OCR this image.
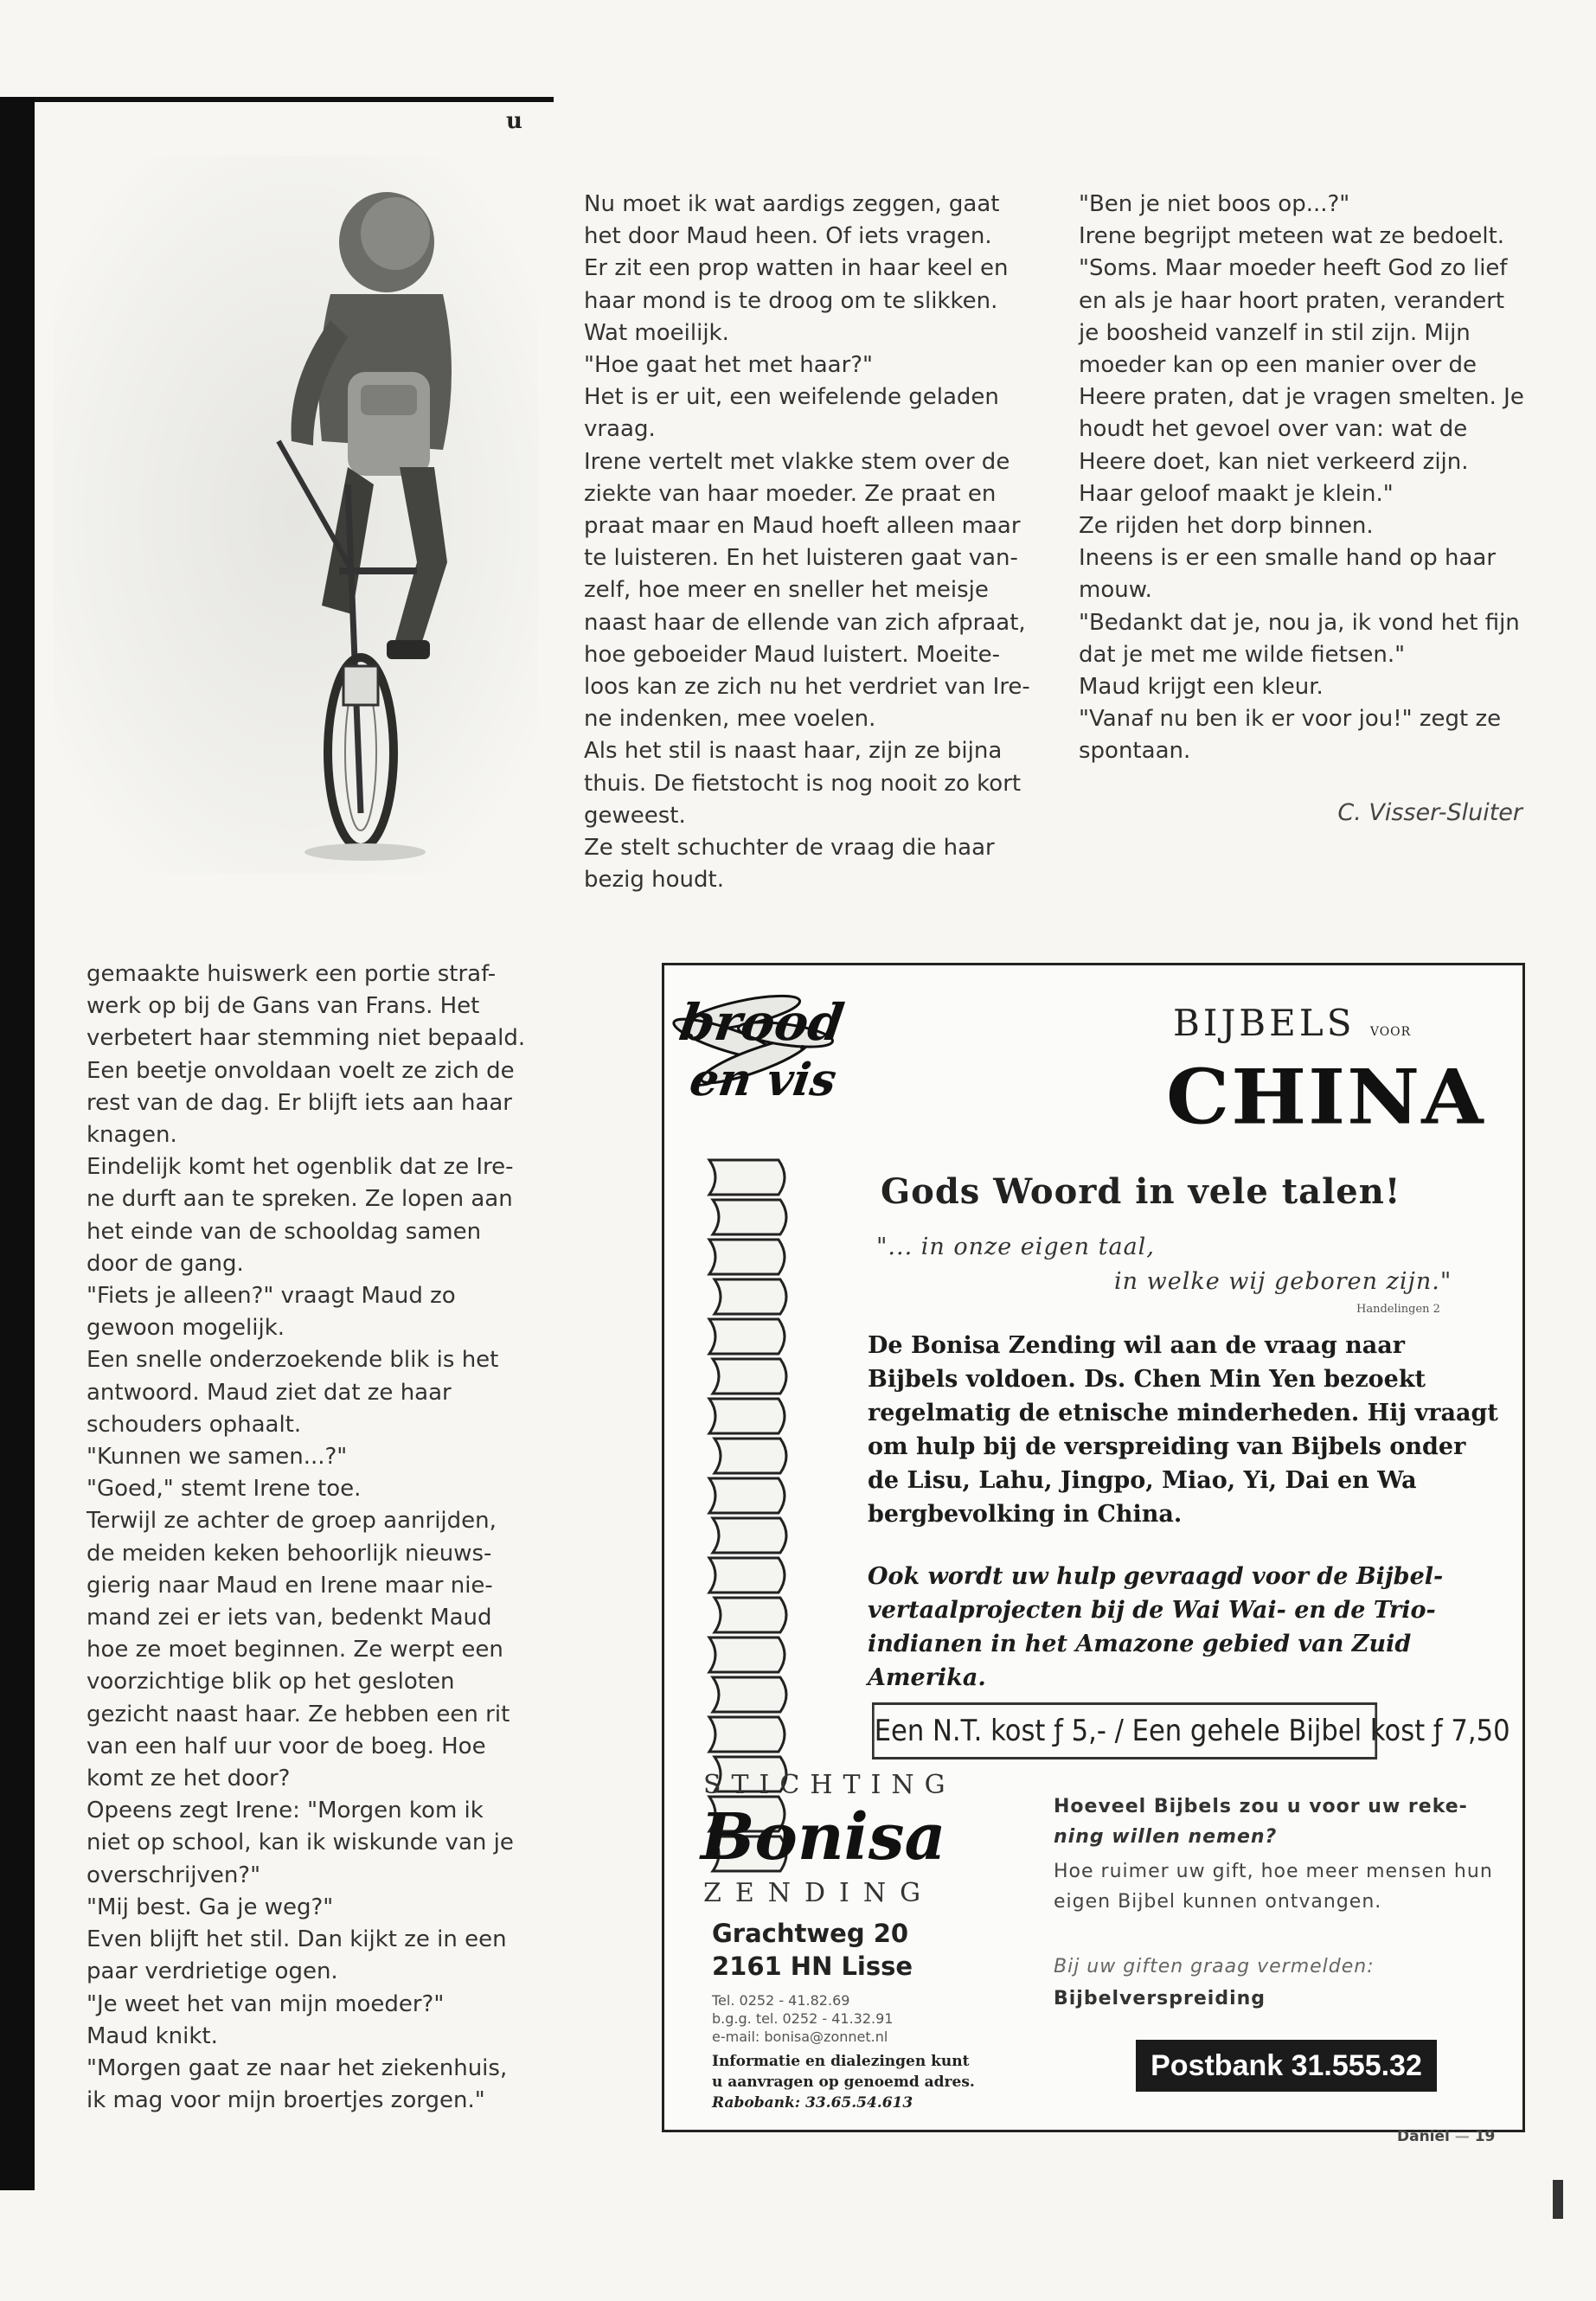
u

Nu moet ik wat aardigs zeggen, gaat

het door Maud heen. Of iets vragen.

Er zit een prop watten in haar keel en

haar mond is te droog om te slikken.

Wat moeilijk.

"Hoe gaat het met haar?"

Het is er uit, een weifelende geladen

vraag.

Irene vertelt met vlakke stem over de

ziekte van haar moeder. Ze praat en

praat maar en Maud hoeft alleen maar

te luisteren. En het luisteren gaat van-

zelf, hoe meer en sneller het meisje

naast haar de ellende van zich afpraat,

hoe geboeider Maud luistert. Moeite-

loos kan ze zich nu het verdriet van Ire-

ne indenken, mee voelen.

Als het stil is naast haar, zijn ze bijna

thuis. De fietstocht is nog nooit zo kort

geweest.

Ze stelt schuchter de vraag die haar

bezig houdt.

"Ben je niet boos op...?"

Irene begrijpt meteen wat ze bedoelt.

"Soms. Maar moeder heeft God zo lief

en als je haar hoort praten, verandert

je boosheid vanzelf in stil zijn. Mijn

moeder kan op een manier over de

Heere praten, dat je vragen smelten. Je

houdt het gevoel over van: wat de

Heere doet, kan niet verkeerd zijn.

Haar geloof maakt je klein."

Ze rijden het dorp binnen.

Ineens is er een smalle hand op haar

mouw.

"Bedankt dat je, nou ja, ik vond het fijn

dat je met me wilde fietsen."

Maud krijgt een kleur.

"Vanaf nu ben ik er voor jou!" zegt ze

spontaan.

C. Visser-Sluiter

gemaakte huiswerk een portie straf-

werk op bij de Gans van Frans. Het

verbetert haar stemming niet bepaald.

Een beetje onvoldaan voelt ze zich de

rest van de dag. Er blijft iets aan haar

knagen.

Eindelijk komt het ogenblik dat ze Ire-

ne durft aan te spreken. Ze lopen aan

het einde van de schooldag samen

door de gang.

"Fiets je alleen?" vraagt Maud zo

gewoon mogelijk.

Een snelle onderzoekende blik is het

antwoord. Maud ziet dat ze haar

schouders ophaalt.

"Kunnen we samen...?"

"Goed," stemt Irene toe.

Terwijl ze achter de groep aanrijden,

de meiden keken behoorlijk nieuws-

gierig naar Maud en Irene maar nie-

mand zei er iets van, bedenkt Maud

hoe ze moet beginnen. Ze werpt een

voorzichtige blik op het gesloten

gezicht naast haar. Ze hebben een rit

van een half uur voor de boeg. Hoe

komt ze het door?

Opeens zegt Irene: "Morgen kom ik

niet op school, kan ik wiskunde van je

overschrijven?"

"Mij best. Ga je weg?"

Even blijft het stil. Dan kijkt ze in een

paar verdrietige ogen.

"Je weet het van mijn moeder?"

Maud knikt.

"Morgen gaat ze naar het ziekenhuis,

ik mag voor mijn broertjes zorgen."

brood
en vis
BIJBELS VOOR
CHINA
Gods Woord in vele talen!
"... in onze eigen taal,
in welke wij geboren zijn."
Handelingen 2
De Bonisa Zending wil aan de vraag naar Bijbels voldoen. Ds. Chen Min Yen bezoekt regelmatig de etnische minderheden. Hij vraagt om hulp bij de verspreiding van Bijbels onder de Lisu, Lahu, Jingpo, Miao, Yi, Dai en Wa bergbevolking in China.
Ook wordt uw hulp gevraagd voor de Bijbel-vertaalprojecten bij de Wai Wai- en de Trio-indianen in het Amazone gebied van Zuid Amerika.
Een N.T. kost ƒ 5,- / Een gehele Bijbel kost ƒ 7,50
STICHTING
Bonisa
ZENDING
Grachtweg 20
2161 HN Lisse
Tel. 0252 - 41.82.69
b.g.g. tel. 0252 - 41.32.91
e-mail: bonisa@zonnet.nl
Informatie en dialezingen kunt
u aanvragen op genoemd adres.
Rabobank: 33.65.54.613
Hoeveel Bijbels zou u voor uw reke-
ning willen nemen?
Hoe ruimer uw gift, hoe meer mensen hun eigen Bijbel kunnen ontvangen.
Bij uw giften graag vermelden:
Bijbelverspreiding
Postbank 31.555.32
Daniël — 19
